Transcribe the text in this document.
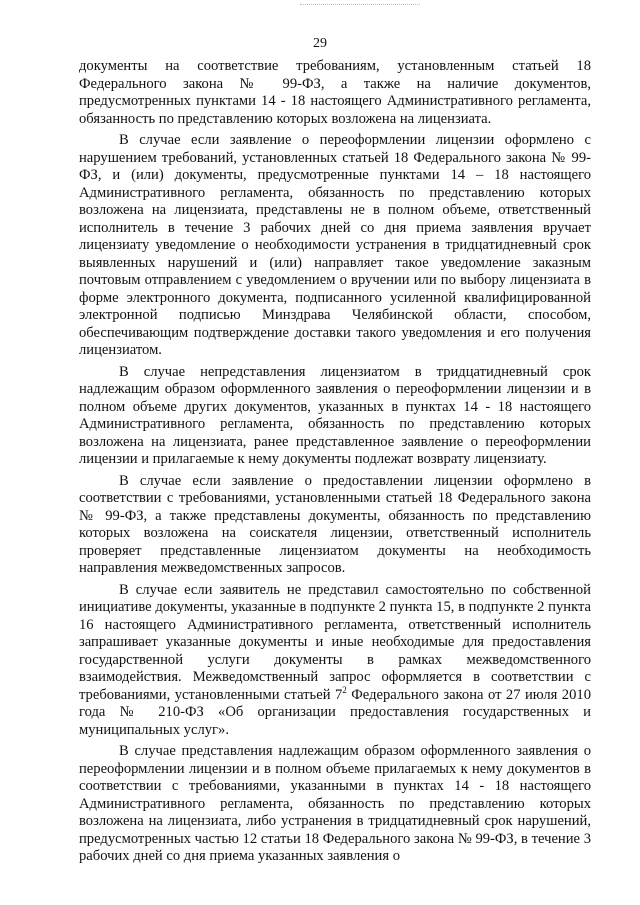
29

документы на соответствие требованиям, установленным статьей 18 Федерального закона № 99-ФЗ, а также на наличие документов, предусмотренных пунктами 14 - 18 настоящего Административного регламента, обязанность по представлению которых возложена на лицензиата.

В случае если заявление о переоформлении лицензии оформлено с нарушением требований, установленных статьей 18 Федерального закона № 99-ФЗ, и (или) документы, предусмотренные пунктами 14 – 18 настоящего Административного регламента, обязанность по представлению которых возложена на лицензиата, представлены не в полном объеме, ответственный исполнитель в течение 3 рабочих дней со дня приема заявления вручает лицензиату уведомление о необходимости устранения в тридцатидневный срок выявленных нарушений и (или) направляет такое уведомление заказным почтовым отправлением с уведомлением о вручении или по выбору лицензиата в форме электронного документа, подписанного усиленной квалифицированной электронной подписью Минздрава Челябинской области, способом, обеспечивающим подтверждение доставки такого уведомления и его получения лицензиатом.

В случае непредставления лицензиатом в тридцатидневный срок надлежащим образом оформленного заявления о переоформлении лицензии и в полном объеме других документов, указанных в пунктах 14 - 18 настоящего Административного регламента, обязанность по представлению которых возложена на лицензиата, ранее представленное заявление о переоформлении лицензии и прилагаемые к нему документы подлежат возврату лицензиату.

В случае если заявление о предоставлении лицензии оформлено в соответствии с требованиями, установленными статьей 18 Федерального закона № 99-ФЗ, а также представлены документы, обязанность по представлению которых возложена на соискателя лицензии, ответственный исполнитель проверяет представленные лицензиатом документы на необходимость направления межведомственных запросов.

В случае если заявитель не представил самостоятельно по собственной инициативе документы, указанные в подпункте 2 пункта 15, в подпункте 2 пункта 16 настоящего Административного регламента, ответственный исполнитель запрашивает указанные документы и иные необходимые для предоставления государственной услуги документы в рамках межведомственного взаимодействия. Межведомственный запрос оформляется в соответствии с требованиями, установленными статьей $7^2$ Федерального закона от 27 июля 2010 года № 210-ФЗ «Об организации предоставления государственных и муниципальных услуг».

В случае представления надлежащим образом оформленного заявления о переоформлении лицензии и в полном объеме прилагаемых к нему документов в соответствии с требованиями, указанными в пунктах 14 - 18 настоящего Административного регламента, обязанность по представлению которых возложена на лицензиата, либо устранения в тридцатидневный срок нарушений, предусмотренных частью 12 статьи 18 Федерального закона № 99-ФЗ, в течение 3 рабочих дней со дня приема указанных заявления о
